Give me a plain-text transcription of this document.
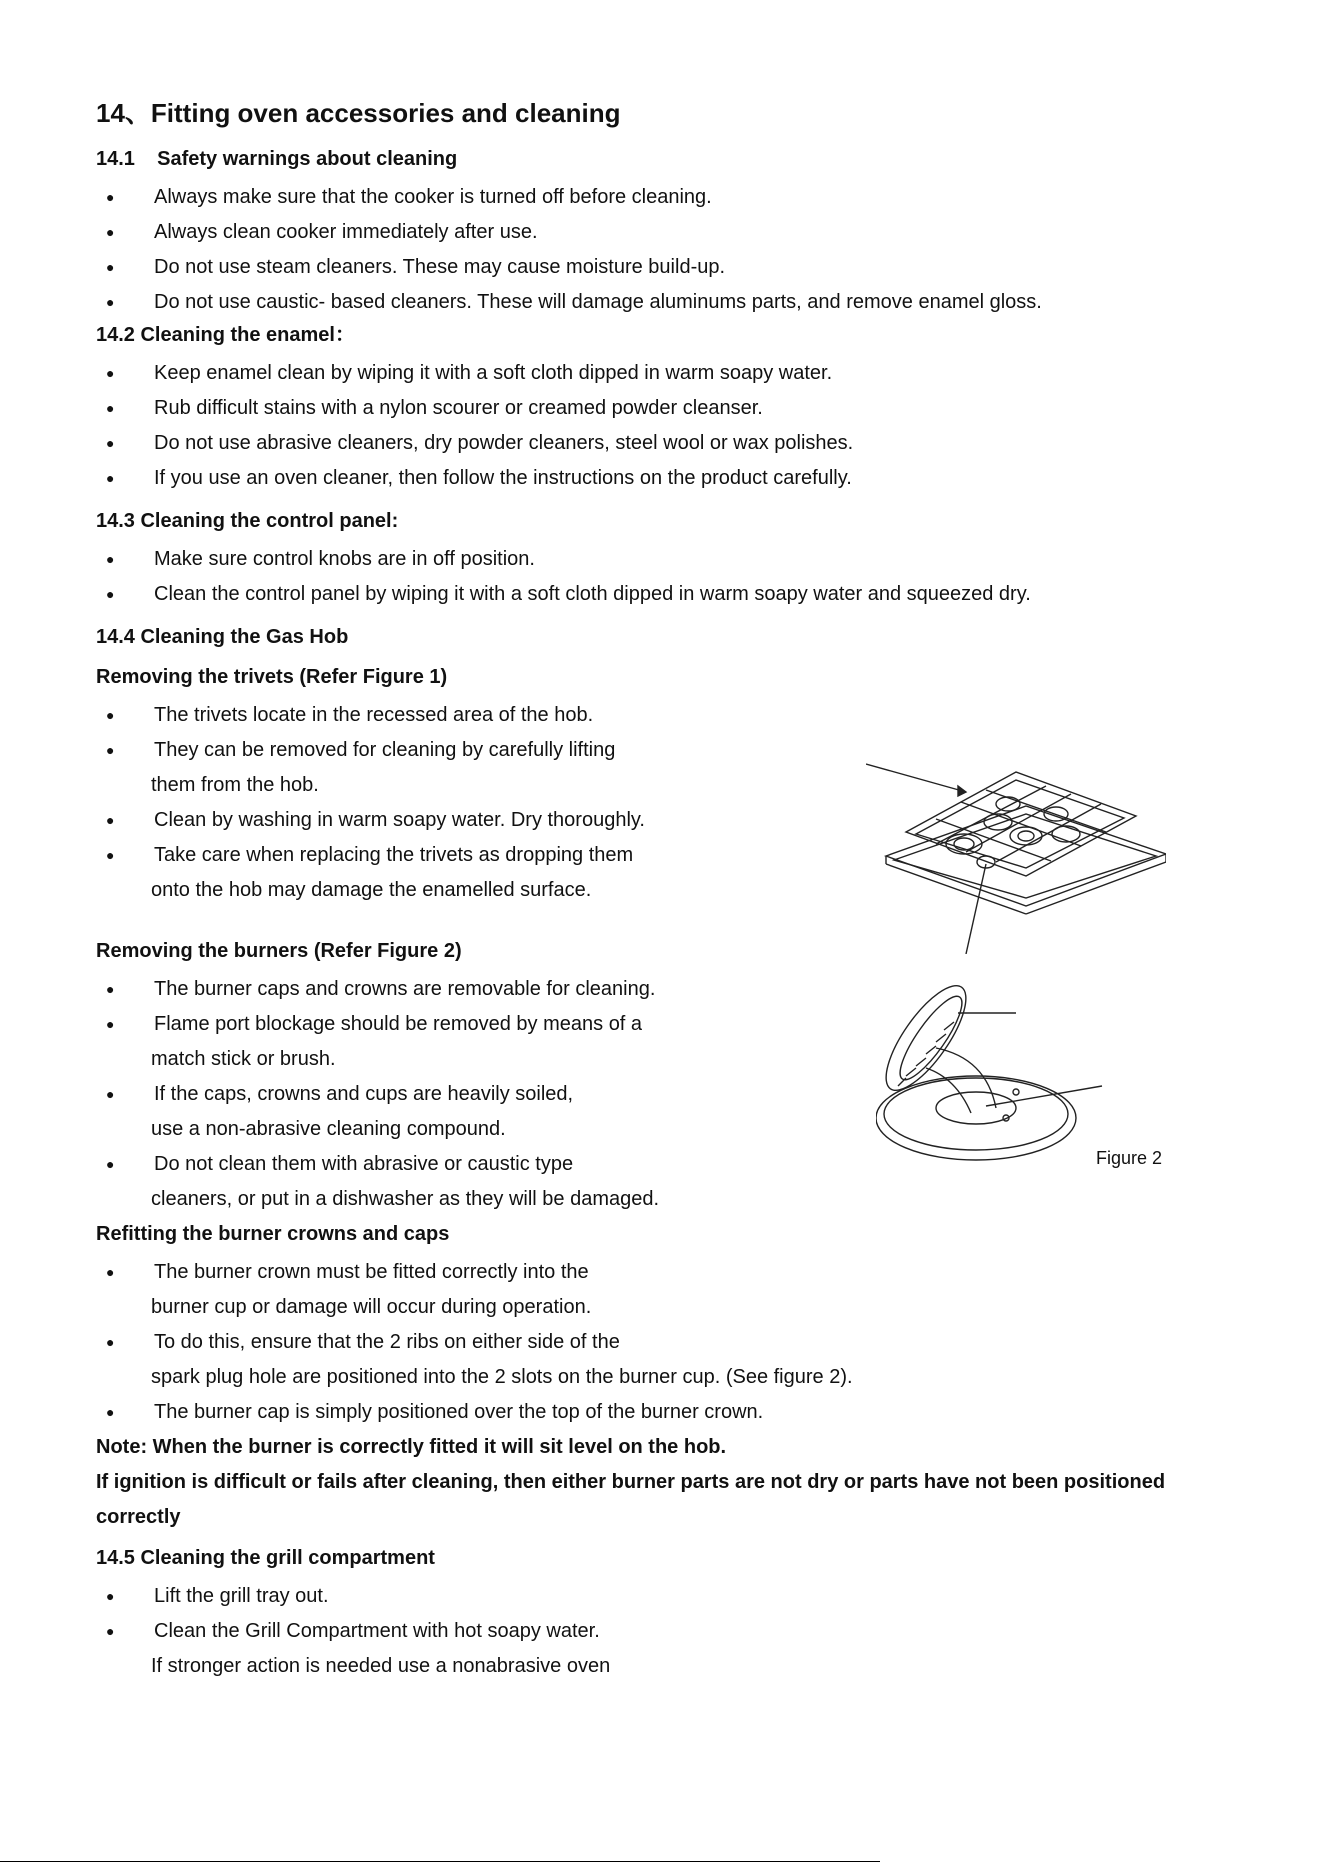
14、Fitting oven accessories and cleaning
14.1    Safety warnings about cleaning
● Always make sure that the cooker is turned off before cleaning.
● Always clean cooker immediately after use.
● Do not use steam cleaners. These may cause moisture build-up.
● Do not use caustic- based cleaners. These will damage aluminums parts, and remove enamel gloss.
14.2 Cleaning the enamel：
● Keep enamel clean by wiping it with a soft cloth dipped in warm soapy water.
● Rub difficult stains with a nylon scourer or creamed powder cleanser.
● Do not use abrasive cleaners, dry powder cleaners, steel wool or wax polishes.
● If you use an oven cleaner, then follow the instructions on the product carefully.
14.3 Cleaning the control panel:
● Make sure control knobs are in off position.
● Clean the control panel by wiping it with a soft cloth dipped in warm soapy water and squeezed dry.
14.4 Cleaning the Gas Hob
Removing the trivets (Refer Figure 1)
● The trivets locate in the recessed area of the hob.
● They can be removed for cleaning by carefully lifting
them from the hob.
● Clean by washing in warm soapy water. Dry thoroughly.
● Take care when replacing the trivets as dropping them
onto the hob may damage the enamelled surface.
Removing the burners (Refer Figure 2)
● The burner caps and crowns are removable for cleaning.
● Flame port blockage should be removed by means of a
match stick or brush.
● If the caps, crowns and cups are heavily soiled,
use a non-abrasive cleaning compound.
● Do not clean them with abrasive or caustic type
cleaners, or put in a dishwasher as they will be damaged.
Figure 2
Refitting the burner crowns and caps
● The burner crown must be fitted correctly into the
burner cup or damage will occur during operation.
● To do this, ensure that the 2 ribs on either side of the
spark plug hole are positioned into the 2 slots on the burner cup. (See figure 2).
● The burner cap is simply positioned over the top of the burner crown.

Note: When the burner is correctly fitted it will sit level on the hob.

If ignition is difficult or fails after cleaning, then either burner parts are not dry or parts have not been positioned correctly

14.5 Cleaning the grill compartment
● Lift the grill tray out.
● Clean the Grill Compartment with hot soapy water.
If stronger action is needed use a nonabrasive oven
